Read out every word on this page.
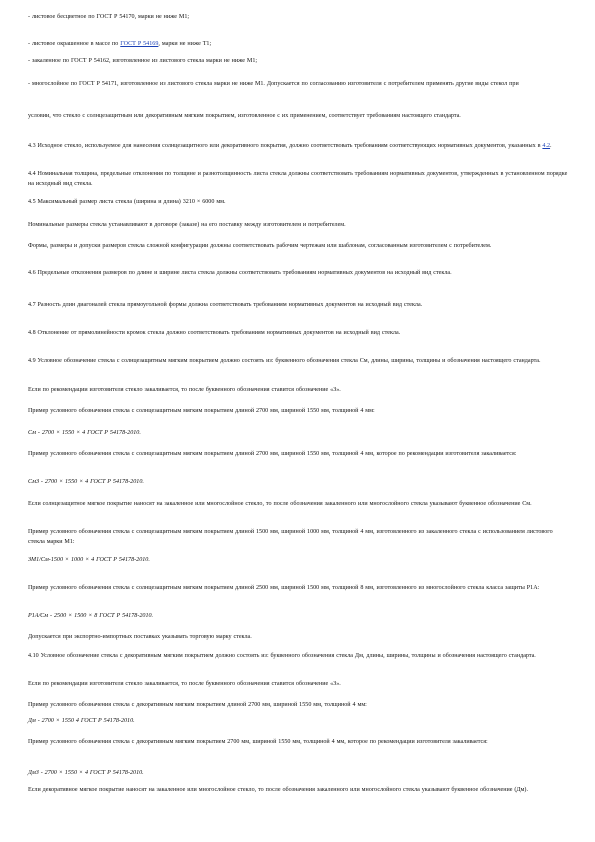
- листовое бесцветное по ГОСТ Р 54170, марки не ниже М1;

- листовое окрашенное в массе по ГОСТ Р 54169, марки не ниже Т1;

- закаленное по ГОСТ Р 54162, изготовленное из листового стекла марки не ниже М1;

- многослойное по ГОСТ Р 54171, изготовленное из листового стекла марки не ниже М1. Допускается по согласованию изготовителя с потребителем применять другие виды стекол при

условии, что стекло с солнцезащитным или декоративным мягким покрытием, изготовленное с их применением, соответствует требованиям настоящего стандарта.

4.3 Исходное стекло, используемое для нанесения солнцезащитного или декоративного покрытия, должно соответствовать требованиям соответствующих нормативных документов, указанных в 4.2.

4.4 Номинальная толщина, предельные отклонения по толщине и разнотолщинность листа стекла должны соответствовать требованиям нормативных документов, утвержденных в установленном порядке на исходный вид стекла.

4.5 Максимальный размер листа стекла (ширина и длина) 3210 × 6000 мм.

Номинальные размеры стекла устанавливают в договоре (заказе) на его поставку между изготовителем и потребителем.

Формы, размеры и допуски размеров стекла сложной конфигурации должны соответствовать рабочим чертежам или шаблонам, согласованным изготовителем с потребителем.

4.6 Предельные отклонения размеров по длине и ширине листа стекла должны соответствовать требованиям нормативных документов на исходный вид стекла.

4.7 Разность длин диагоналей стекла прямоугольной формы должна соответствовать требованиям нормативных документов на исходный вид стекла.

4.8 Отклонение от прямолинейности кромок стекла должно соответствовать требованиям нормативных документов на исходный вид стекла.

4.9 Условное обозначение стекла с солнцезащитным мягким покрытием должно состоять из: буквенного обозначения стекла См, длины, ширины, толщины и обозначения настоящего стандарта.

Если по рекомендации изготовителя стекло закаливается, то после буквенного обозначения ставится обозначение «З».

Пример условного обозначения стекла с солнцезащитным мягким покрытием длиной 2700 мм, шириной 1550 мм, толщиной 4 мм:

См - 2700 × 1550 × 4 ГОСТ Р 54178-2010.

Пример условного обозначения стекла с солнцезащитным мягким покрытием длиной 2700 мм, шириной 1550 мм, толщиной 4 мм, которое по рекомендации изготовителя закаливается:

СмЗ - 2700 × 1550 × 4 ГОСТ Р 54178-2010.

Если солнцезащитное мягкое покрытие наносят на закаленное или многослойное стекло, то после обозначения закаленного или многослойного стекла указывают буквенное обозначение См.

Пример условного обозначения стекла с солнцезащитным мягким покрытием длиной 1500 мм, шириной 1000 мм, толщиной 4 мм, изготовленного из закаленного стекла с использованием листового стекла марки М1:

ЗМ1/См-1500 × 1000 × 4 ГОСТ Р 54178-2010.

Пример условного обозначения стекла с солнцезащитным мягким покрытием длиной 2500 мм, шириной 1500 мм, толщиной 8 мм, изготовленного из многослойного стекла класса защиты Р1А:

Р1А/См - 2500 × 1500 × 8 ГОСТ Р 54178-2010.

Допускается при экспортно-импортных поставках указывать торговую марку стекла.

4.10 Условное обозначение стекла с декоративным мягким покрытием должно состоять из: буквенного обозначения стекла Дм, длины, ширины, толщины и обозначения настоящего стандарта.

Если по рекомендации изготовителя стекло закаливается, то после буквенного обозначения ставится обозначение «З».

Пример условного обозначения стекла с декоративным мягким покрытием длиной 2700 мм, шириной 1550 мм, толщиной 4 мм:

Дм - 2700 × 1550 4 ГОСТ Р 54178-2010.

Пример условного обозначения стекла с декоративным мягким покрытием 2700 мм, шириной 1550 мм, толщиной 4 мм, которое по рекомендации изготовителя закаливается:

ДмЗ - 2700 × 1550 × 4 ГОСТ Р 54178-2010.

Если декоративное мягкое покрытие наносят на закаленное или многослойное стекло, то после обозначения закаленного или многослойного стекла указывают буквенное обозначение (Дм).
